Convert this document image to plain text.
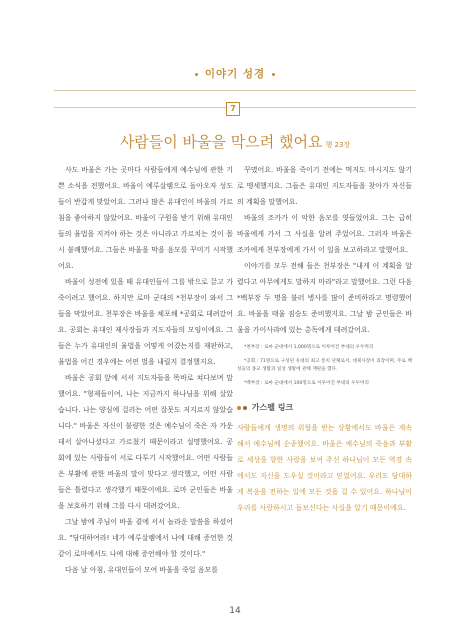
이야기 성경
7
사람들이 바울을 막으려 했어요 행 23장

사도 바울은 가는 곳마다 사람들에게 예수님에 관한 기쁜 소식을 전했어요. 바울이 예루살렘으로 돌아오자 성도들이 반갑게 맞았어요. 그러나 많은 유대인이 바울의 가르침을 좋아하지 않았어요. 바울이 구원을 받기 위해 유대인들의 율법을 지켜야 하는 것은 아니라고 가르치는 것이 몹시 불쾌했어요. 그들은 바울을 막을 음모를 꾸미기 시작했어요.

바울이 성전에 있을 때 유대인들이 그를 밖으로 끌고 가 죽이려고 했어요. 하지만 로마 군대의 *천부장이 와서 그들을 막았어요. 천부장은 바울을 체포해 *공회로 데려갔어요. 공회는 유대인 제사장들과 지도자들의 모임이에요. 그들은 누가 유대인의 율법을 어떻게 어겼는지를 재판하고, 율법을 어긴 경우에는 어떤 벌을 내릴지 결정했지요.

바울은 공회 앞에 서서 지도자들을 똑바로 쳐다보며 말했어요. "형제들이여, 나는 지금까지 하나님을 위해 살았습니다. 나는 양심에 걸리는 어떤 잘못도 저지르지 않았습니다." 바울은 자신이 불량한 것은 예수님이 죽은 자 가운데서 살아나셨다고 가르쳤기 때문이라고 설명했어요. 공회에 있는 사람들이 서로 다투기 시작했어요. 어떤 사람들은 부활에 관한 바울의 말이 맞다고 생각했고, 어떤 사람들은 틀렸다고 생각했기 때문이에요. 로마 군인들은 바울을 보호하기 위해 그를 다시 데려갔어요.

그날 밤에 주님이 바울 곁에 서서 놀라운 말씀을 하셨어요. "담대하여라! 네가 예루살렘에서 나에 대해 증언한 것 같이 로마에서도 나에 대해 증언해야 할 것이다."

다음 날 아침, 유대인들이 모여 바울을 죽일 음모를

꾸몄어요. 바울을 죽이기 전에는 먹지도 마시지도 않기로 맹세했지요. 그들은 유대인 지도자들을 찾아가 자신들의 계획을 말했어요.

바울의 조카가 이 악한 음모를 엿들었어요. 그는 급히 바울에게 가서 그 사실을 알려 주었어요. 그러자 바울은 조카에게 천부장에게 가서 이 일을 보고하라고 말했어요.

이야기를 모두 전해 들은 천부장은 "내게 이 계획을 알렸다고 아무에게도 말하지 마라"라고 말했어요. 그런 다음 *백부장 두 명을 불러 병사를 많이 준비하라고 명령했어요. 바울을 태울 짐승도 준비했지요. 그날 밤 군인들은 바울을 가이사랴에 있는 총독에게 데려갔어요.

*천부장 : 로마 군대에서 1,000명으로 이루어진 부대의 우두머리

*공회 : 71명으로 구성된 유대의 최고 통치 단체로서, 대제사장이 의장이며, 주로 백성들의 종교 생활과 일상 생활에 관해 재판을 했다.

*백부장 : 로마 군대에서 100명으로 이루어진 부대의 우두머리

가스펠 링크
사람들에게 생명의 위협을 받는 상황에서도 바울은 계속해서 예수님께 순종했어요. 바울은 예수님의 죽음과 부활로 세상을 향한 사랑을 보여 주신 하나님이 모든 역경 속에서도 자신을 도우실 것이라고 믿었어요. 우리도 담대하게 복음을 전하는 일에 모든 것을 걸 수 있어요. 하나님이 우리를 사랑하시고 돌보신다는 사실을 알기 때문이에요.
14
